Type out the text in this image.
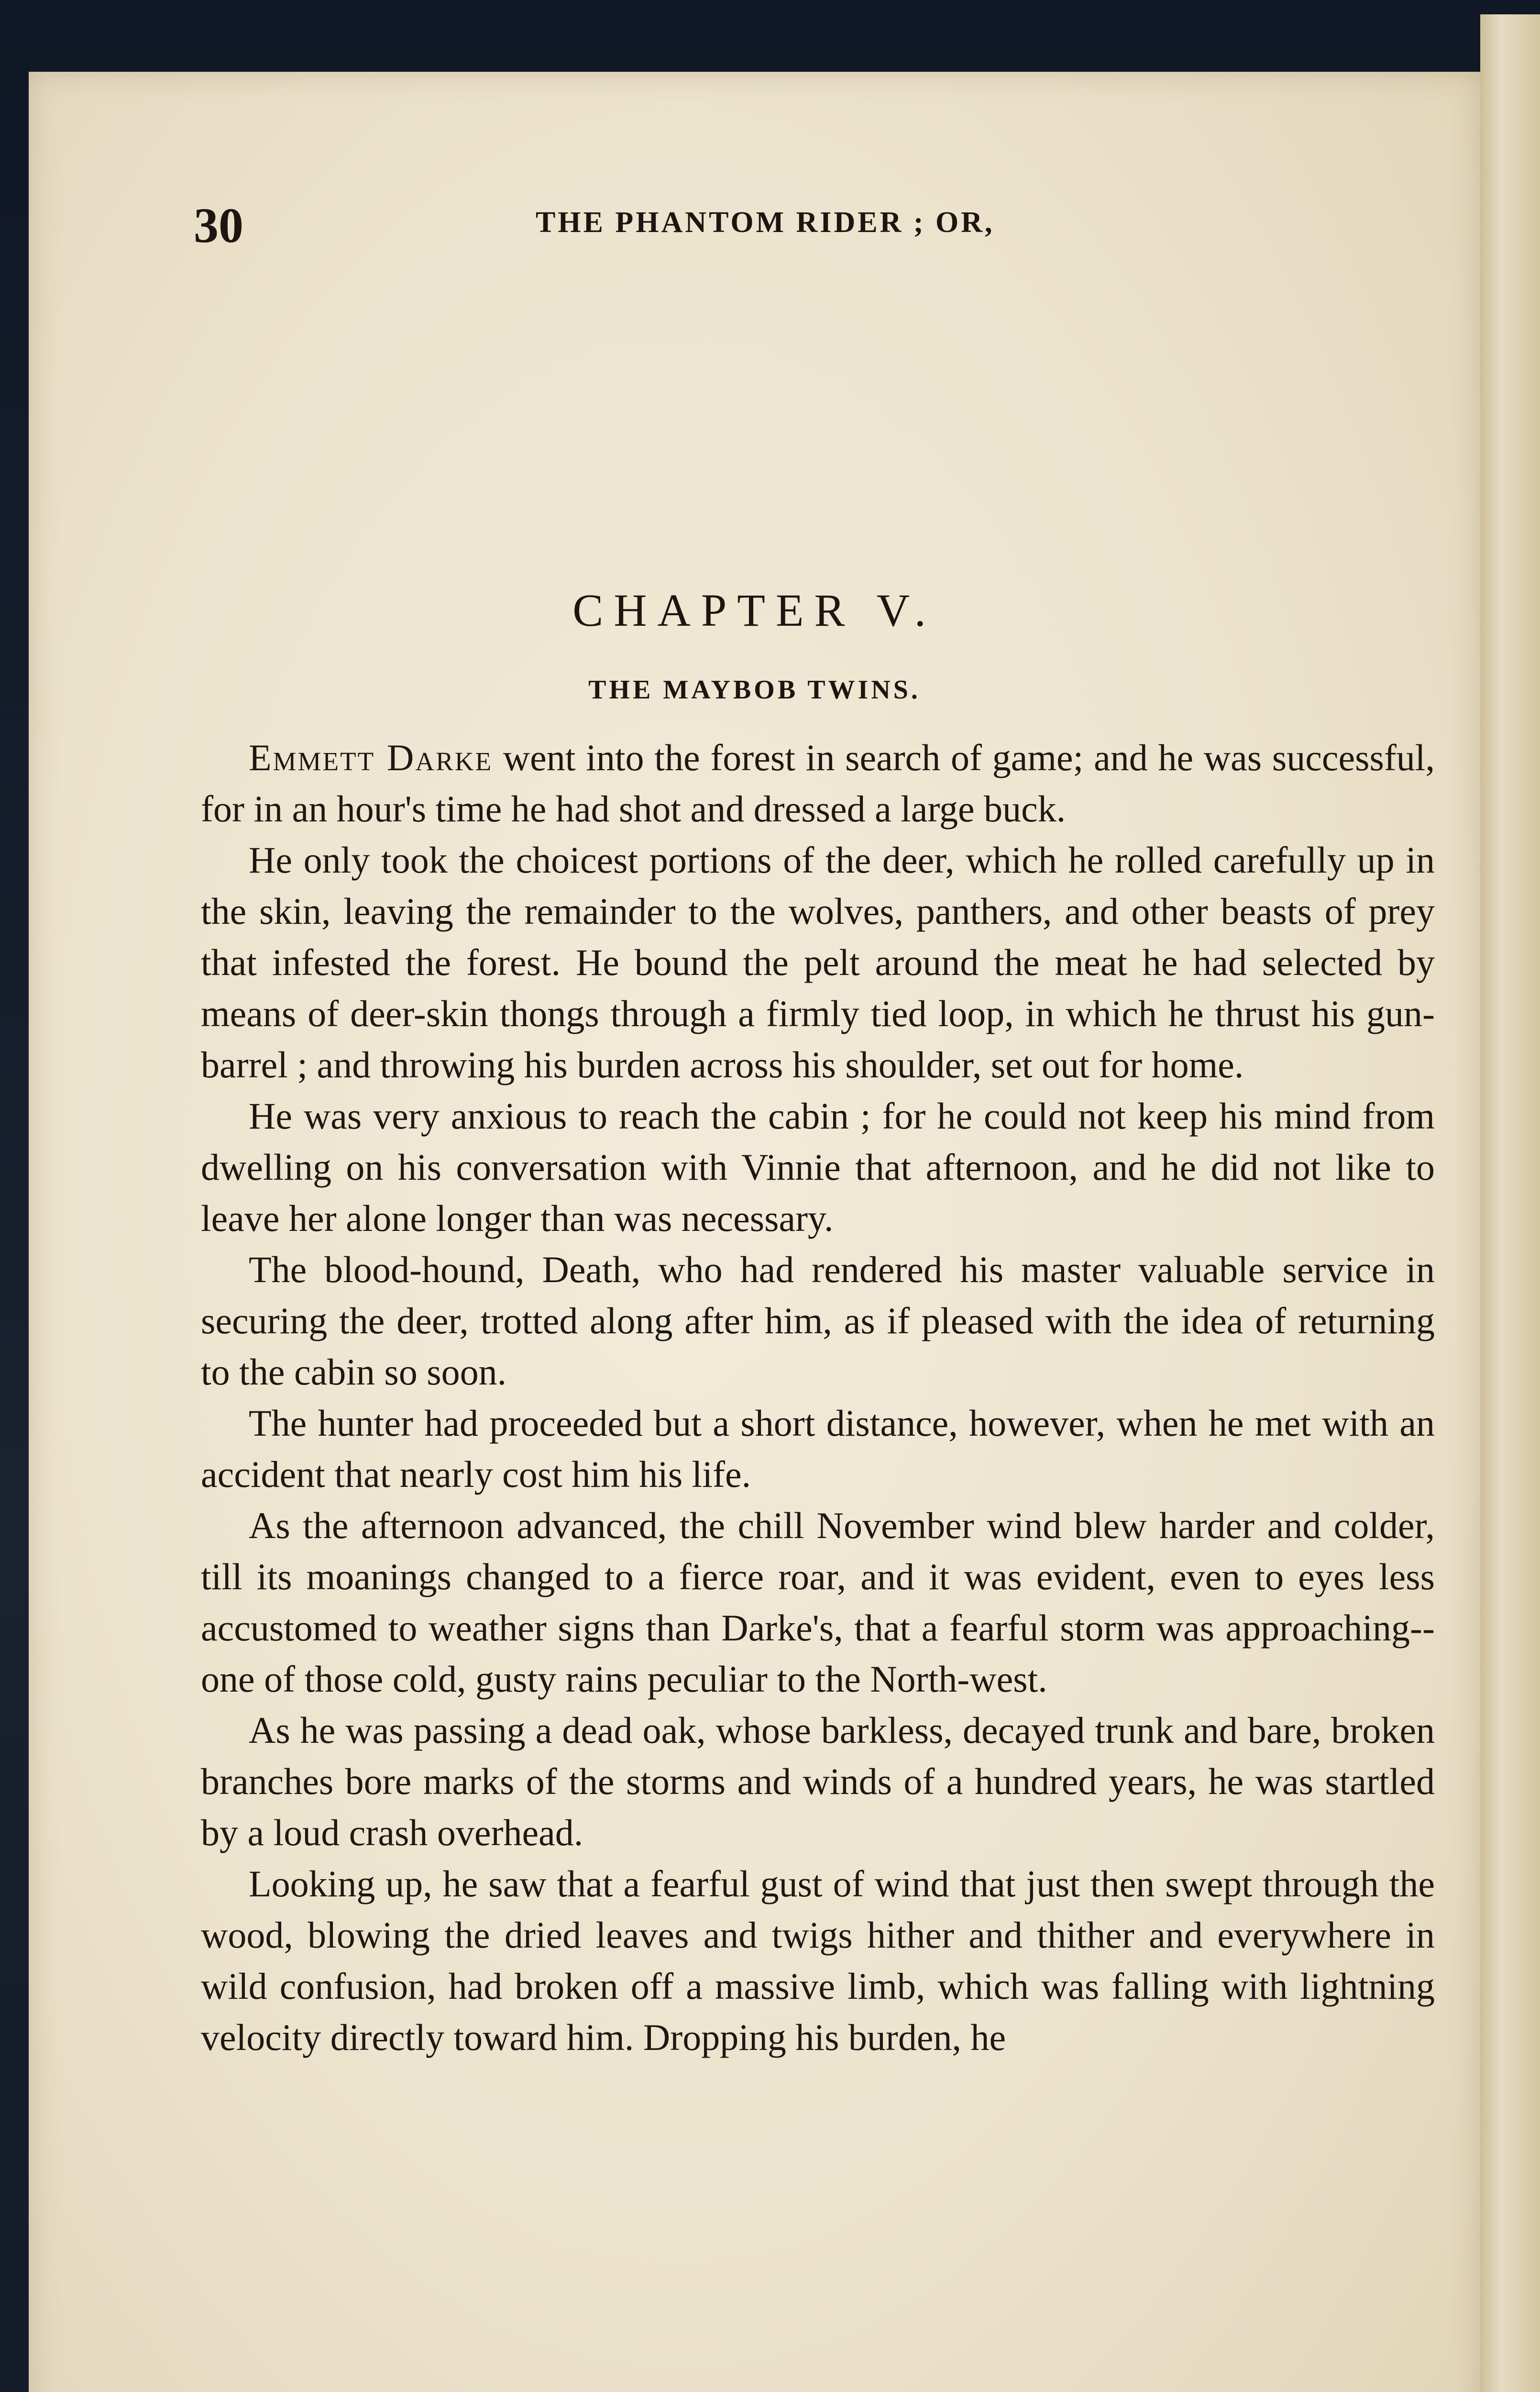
30	THE PHANTOM RIDER ; OR,
CHAPTER V.
THE MAYBOB TWINS.

Emmett Darke went into the forest in search of game; and he was successful, for in an hour's time he had shot and dressed a large buck.

He only took the choicest portions of the deer, which he rolled carefully up in the skin, leaving the remainder to the wolves, panthers, and other beasts of prey that infested the forest. He bound the pelt around the meat he had selected by means of deer-skin thongs through a firmly tied loop, in which he thrust his gun-barrel ; and throwing his burden across his shoulder, set out for home.

He was very anxious to reach the cabin ; for he could not keep his mind from dwelling on his conversation with Vinnie that afternoon, and he did not like to leave her alone longer than was necessary.

The blood-hound, Death, who had rendered his master valuable service in securing the deer, trotted along after him, as if pleased with the idea of returning to the cabin so soon.

The hunter had proceeded but a short distance, however, when he met with an accident that nearly cost him his life.

As the afternoon advanced, the chill November wind blew harder and colder, till its moanings changed to a fierce roar, and it was evident, even to eyes less accustomed to weather signs than Darke's, that a fearful storm was approaching-- one of those cold, gusty rains peculiar to the North-west.

As he was passing a dead oak, whose barkless, decayed trunk and bare, broken branches bore marks of the storms and winds of a hundred years, he was startled by a loud crash overhead.

Looking up, he saw that a fearful gust of wind that just then swept through the wood, blowing the dried leaves and twigs hither and thither and everywhere in wild confusion, had broken off a massive limb, which was falling with lightning velocity directly toward him. Dropping his burden, he
